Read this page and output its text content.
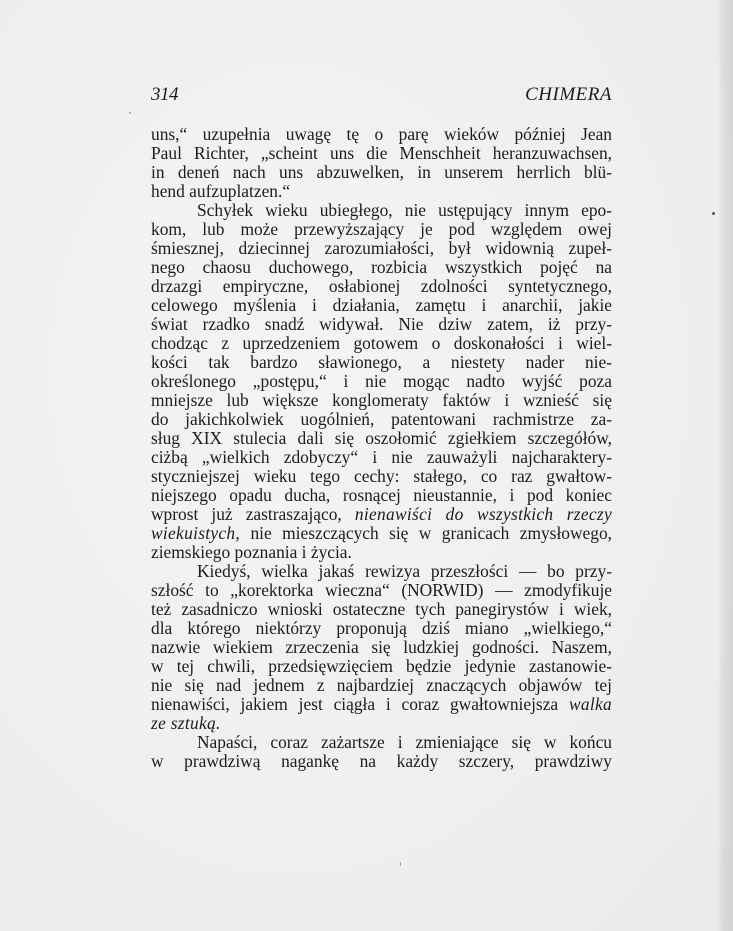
314	CHIMERA
uns,“ uzupełnia uwagę tę o parę wieków później Jean
Paul Richter, „scheint uns die Menschheit heranzuwachsen,
in deneń nach uns abzuwelken, in unserem herrlich blü-
hend aufzuplatzen.“
Schyłek wieku ubiegłego, nie ustępujący innym epo-
kom, lub może przewyższający je pod względem owej
śmiesznej, dziecinnej zarozumiałości, był widownią zupeł-
nego chaosu duchowego, rozbicia wszystkich pojęć na
drzazgi empiryczne, osłabionej zdolności syntetycznego,
celowego myślenia i działania, zamętu i anarchii, jakie
świat rzadko snadź widywał. Nie dziw zatem, iż przy-
chodząc z uprzedzeniem gotowem o doskonałości i wiel-
kości tak bardzo sławionego, a niestety nader nie-
określonego „postępu,“ i nie mogąc nadto wyjść poza
mniejsze lub większe konglomeraty faktów i wznieść się
do jakichkolwiek uogólnień, patentowani rachmistrze za-
sług XIX stulecia dali się oszołomić zgiełkiem szczegółów,
ciżbą „wielkich zdobyczy“ i nie zauważyli najcharaktery-
styczniejszej wieku tego cechy: stałego, co raz gwałtow-
niejszego opadu ducha, rosnącej nieustannie, i pod koniec
wprost już zastraszająco, nienawiści do wszystkich rzeczy
wiekuistych, nie mieszczących się w granicach zmysłowego,
ziemskiego poznania i życia.
Kiedyś, wielka jakaś rewizya przeszłości — bo przy-
szłość to „korektorka wieczna“ (NORWID) — zmodyfikuje
też zasadniczo wnioski ostateczne tych panegirystów i wiek,
dla którego niektórzy proponują dziś miano „wielkiego,“
nazwie wiekiem zrzeczenia się ludzkiej godności. Naszem,
w tej chwili, przedsięwzięciem będzie jedynie zastanowie-
nie się nad jednem z najbardziej znaczących objawów tej
nienawiści, jakiem jest ciągła i coraz gwałtowniejsza walka
ze sztuką.
Napaści, coraz zażartsze i zmieniające się w końcu
w prawdziwą nagankę na każdy szczery, prawdziwy
